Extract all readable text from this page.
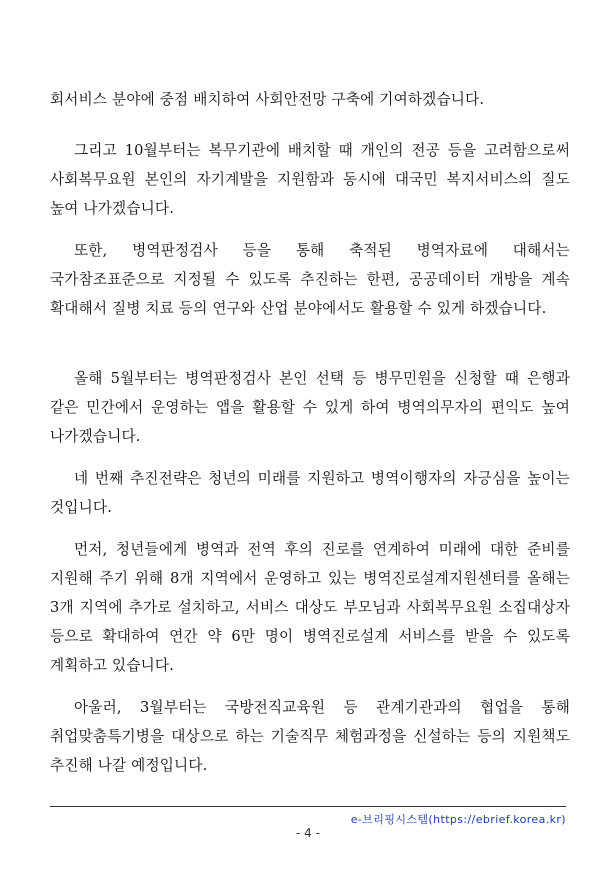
회서비스 분야에 중점 배치하여 사회안전망 구축에 기여하겠습니다.

그리고 10월부터는 복무기관에 배치할 때 개인의 전공 등을 고려함으로써 사회복무요원 본인의 자기계발을 지원함과 동시에 대국민 복지서비스의 질도 높여 나가겠습니다.

또한, 병역판정검사 등을 통해 축적된 병역자료에 대해서는 국가참조표준으로 지정될 수 있도록 추진하는 한편, 공공데이터 개방을 계속 확대해서 질병 치료 등의 연구와 산업 분야에서도 활용할 수 있게 하겠습니다.

올해 5월부터는 병역판정검사 본인 선택 등 병무민원을 신청할 때 은행과 같은 민간에서 운영하는 앱을 활용할 수 있게 하여 병역의무자의 편익도 높여 나가겠습니다.

네 번째 추진전략은 청년의 미래를 지원하고 병역이행자의 자긍심을 높이는 것입니다.

먼저, 청년들에게 병역과 전역 후의 진로를 연계하여 미래에 대한 준비를 지원해 주기 위해 8개 지역에서 운영하고 있는 병역진로설계지원센터를 올해는 3개 지역에 추가로 설치하고, 서비스 대상도 부모님과 사회복무요원 소집대상자 등으로 확대하여 연간 약 6만 명이 병역진로설계 서비스를 받을 수 있도록 계획하고 있습니다.

아울러, 3월부터는 국방전직교육원 등 관계기관과의 협업을 통해 취업맞춤특기병을 대상으로 하는 기술직무 체험과정을 신설하는 등의 지원책도 추진해 나갈 예정입니다.

e-브리핑시스템(https://ebrief.korea.kr)
- 4 -
